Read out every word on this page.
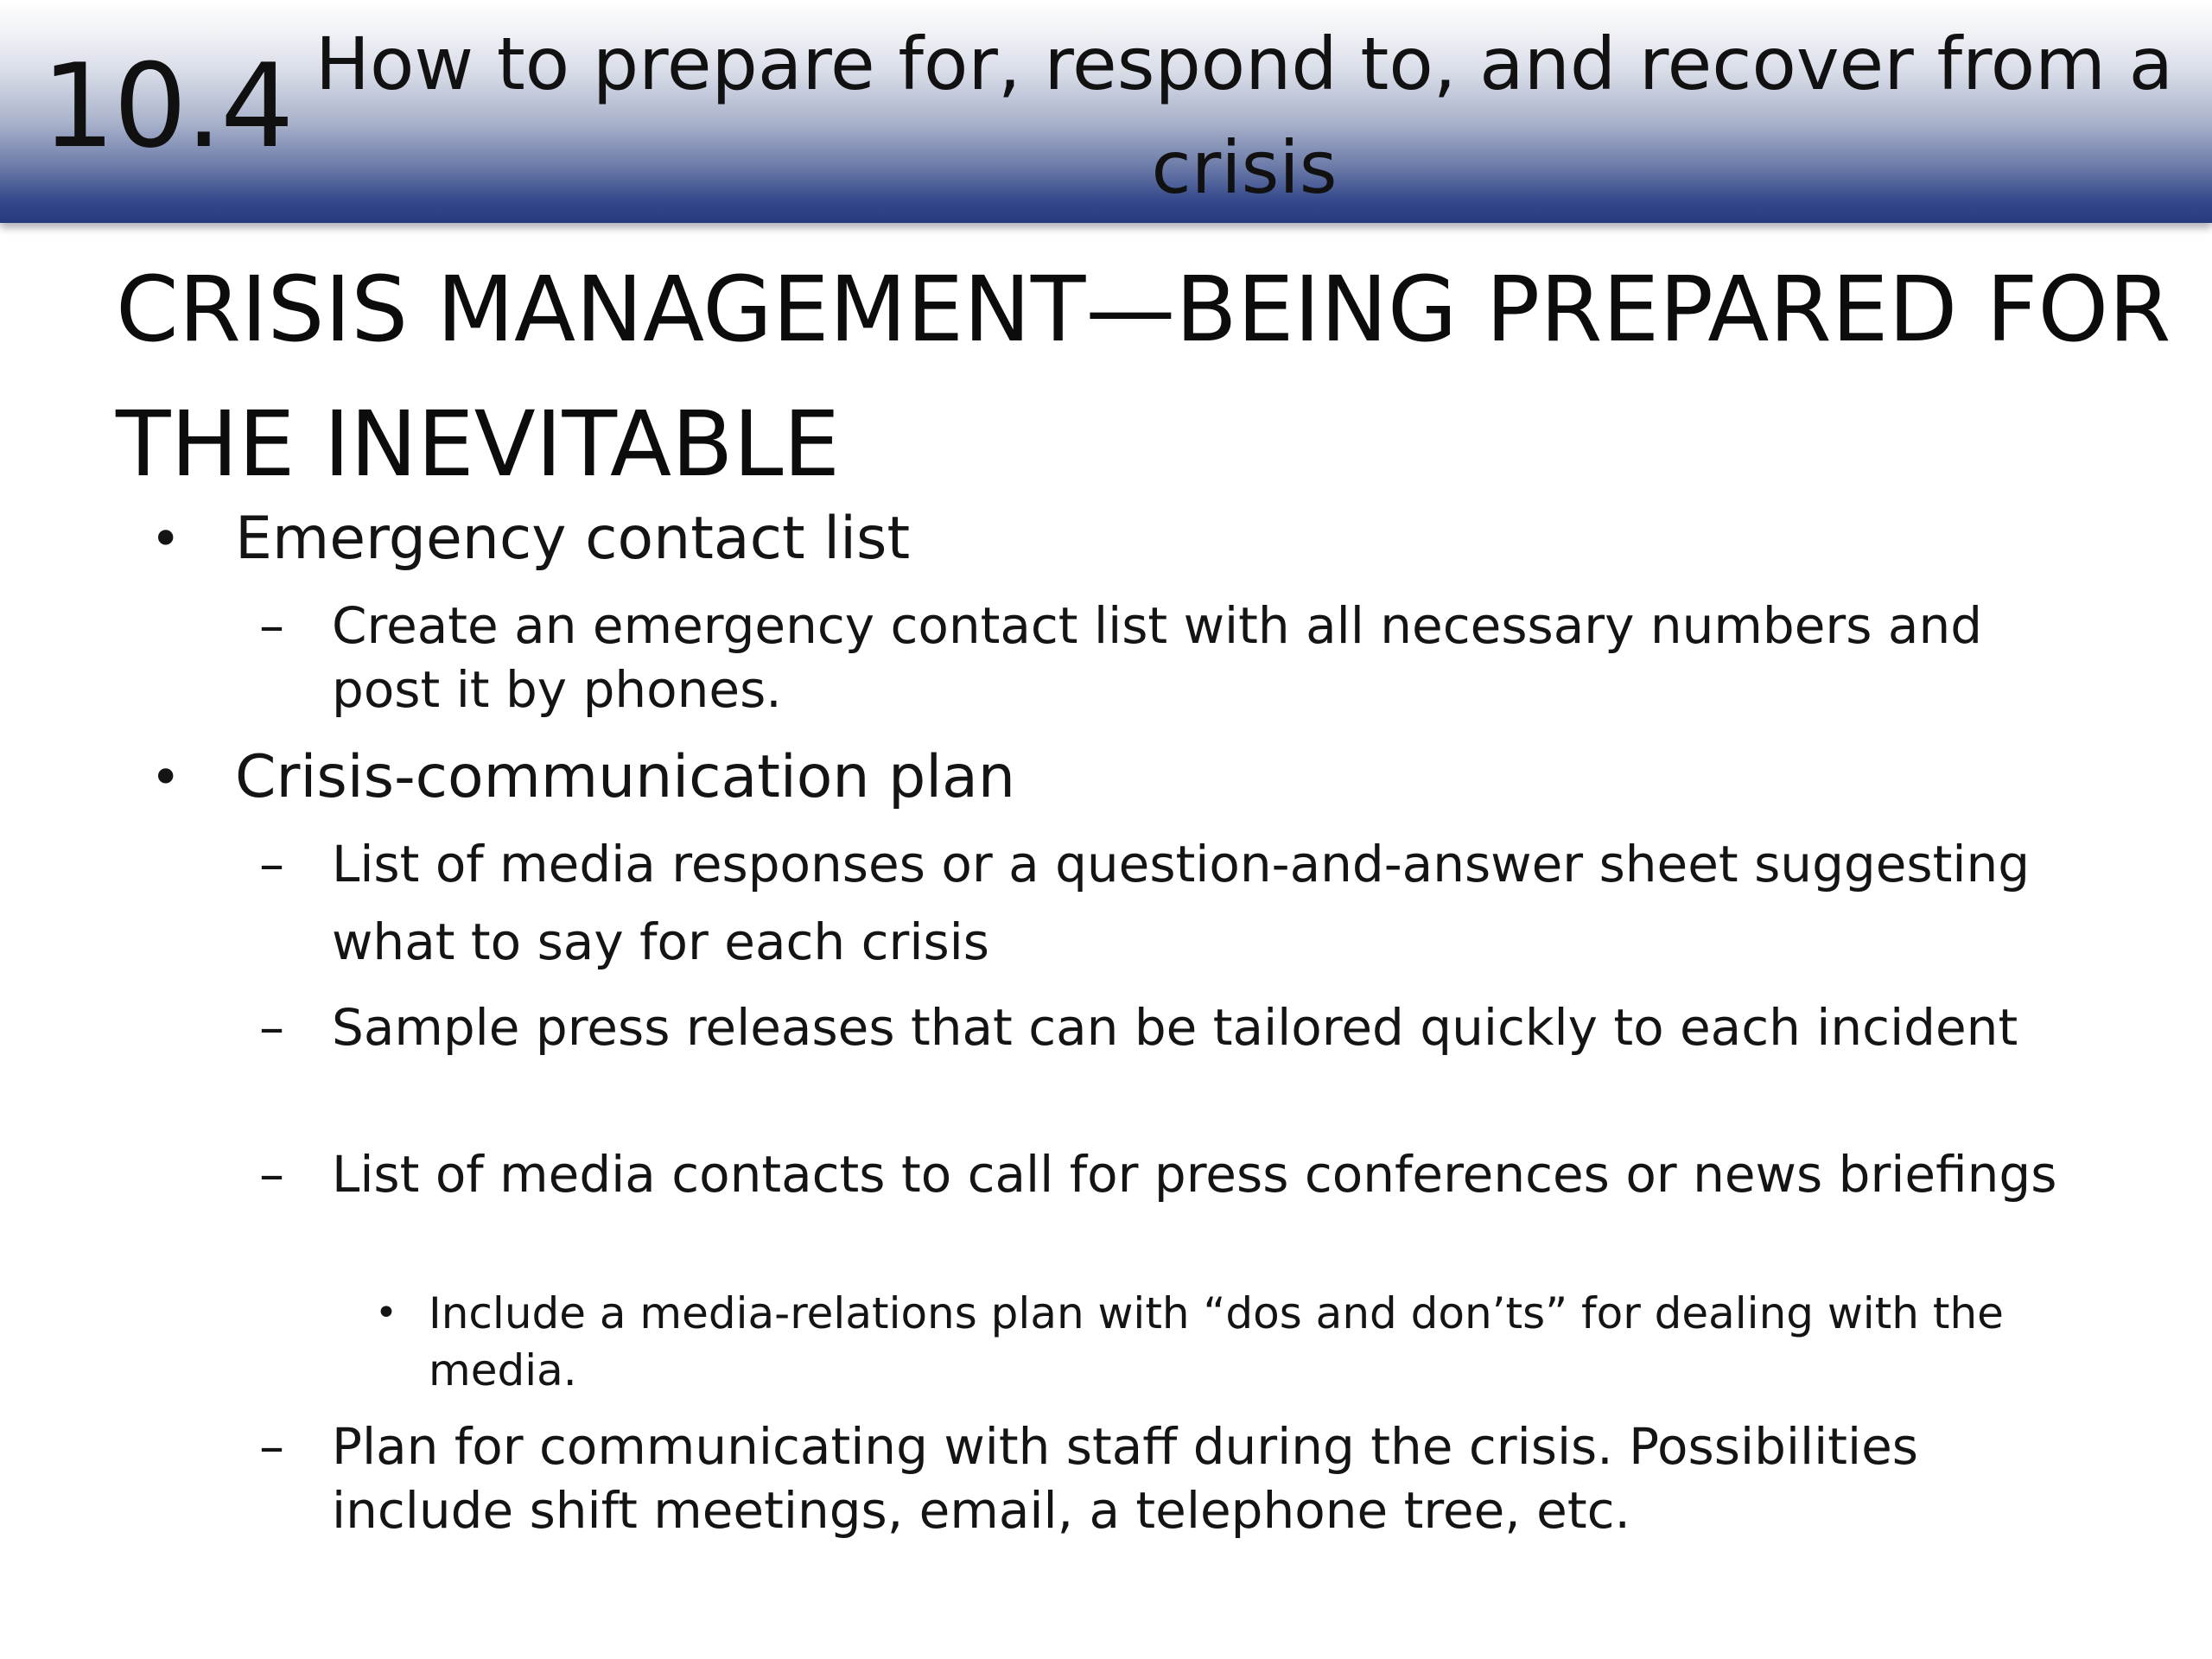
10.4 How to prepare for, respond to, and recover from a crisis
CRISIS MANAGEMENT—BEING PREPARED FOR THE INEVITABLE
• Emergency contact list
– Create an emergency contact list with all necessary numbers and post it by phones.
• Crisis-communication plan
– List of media responses or a question-and-answer sheet suggesting what to say for each crisis
– Sample press releases that can be tailored quickly to each incident
– List of media contacts to call for press conferences or news briefings
• Include a media-relations plan with “dos and don’ts” for dealing with the media.
– Plan for communicating with staff during the crisis. Possibilities include shift meetings, email, a telephone tree, etc.
